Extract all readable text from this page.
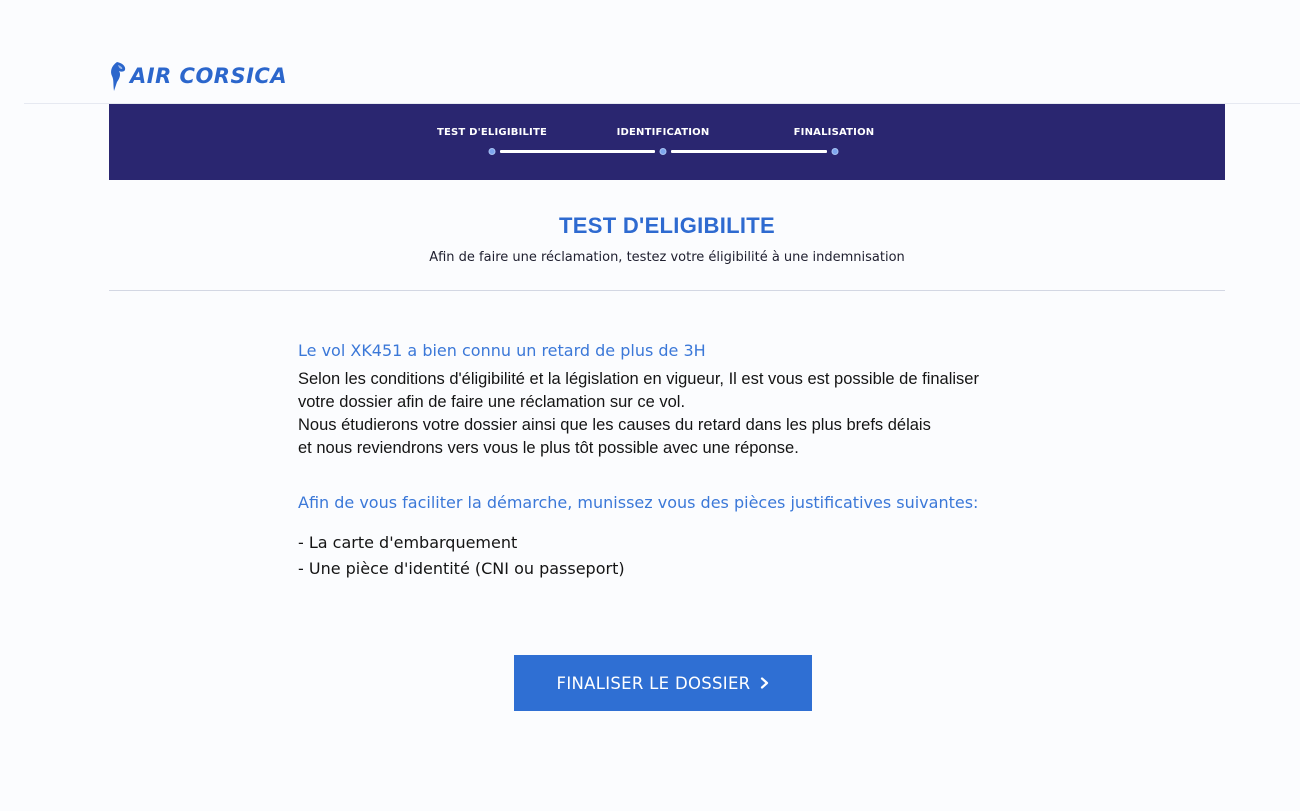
AIR CORSICA
TEST D'ELIGIBILITE	IDENTIFICATION	FINALISATION
TEST D'ELIGIBILITE
Afin de faire une réclamation, testez votre éligibilité à une indemnisation

Le vol XK451 a bien connu un retard de plus de 3H

Selon les conditions d'éligibilité et la législation en vigueur, Il est vous est possible de finaliser
votre dossier afin de faire une réclamation sur ce vol.
Nous étudierons votre dossier ainsi que les causes du retard dans les plus brefs délais
et nous reviendrons vers vous le plus tôt possible avec une réponse.

Afin de vous faciliter la démarche, munissez vous des pièces justificatives suivantes:

- La carte d'embarquement
- Une pièce d'identité (CNI ou passeport)
FINALISER LE DOSSIER
